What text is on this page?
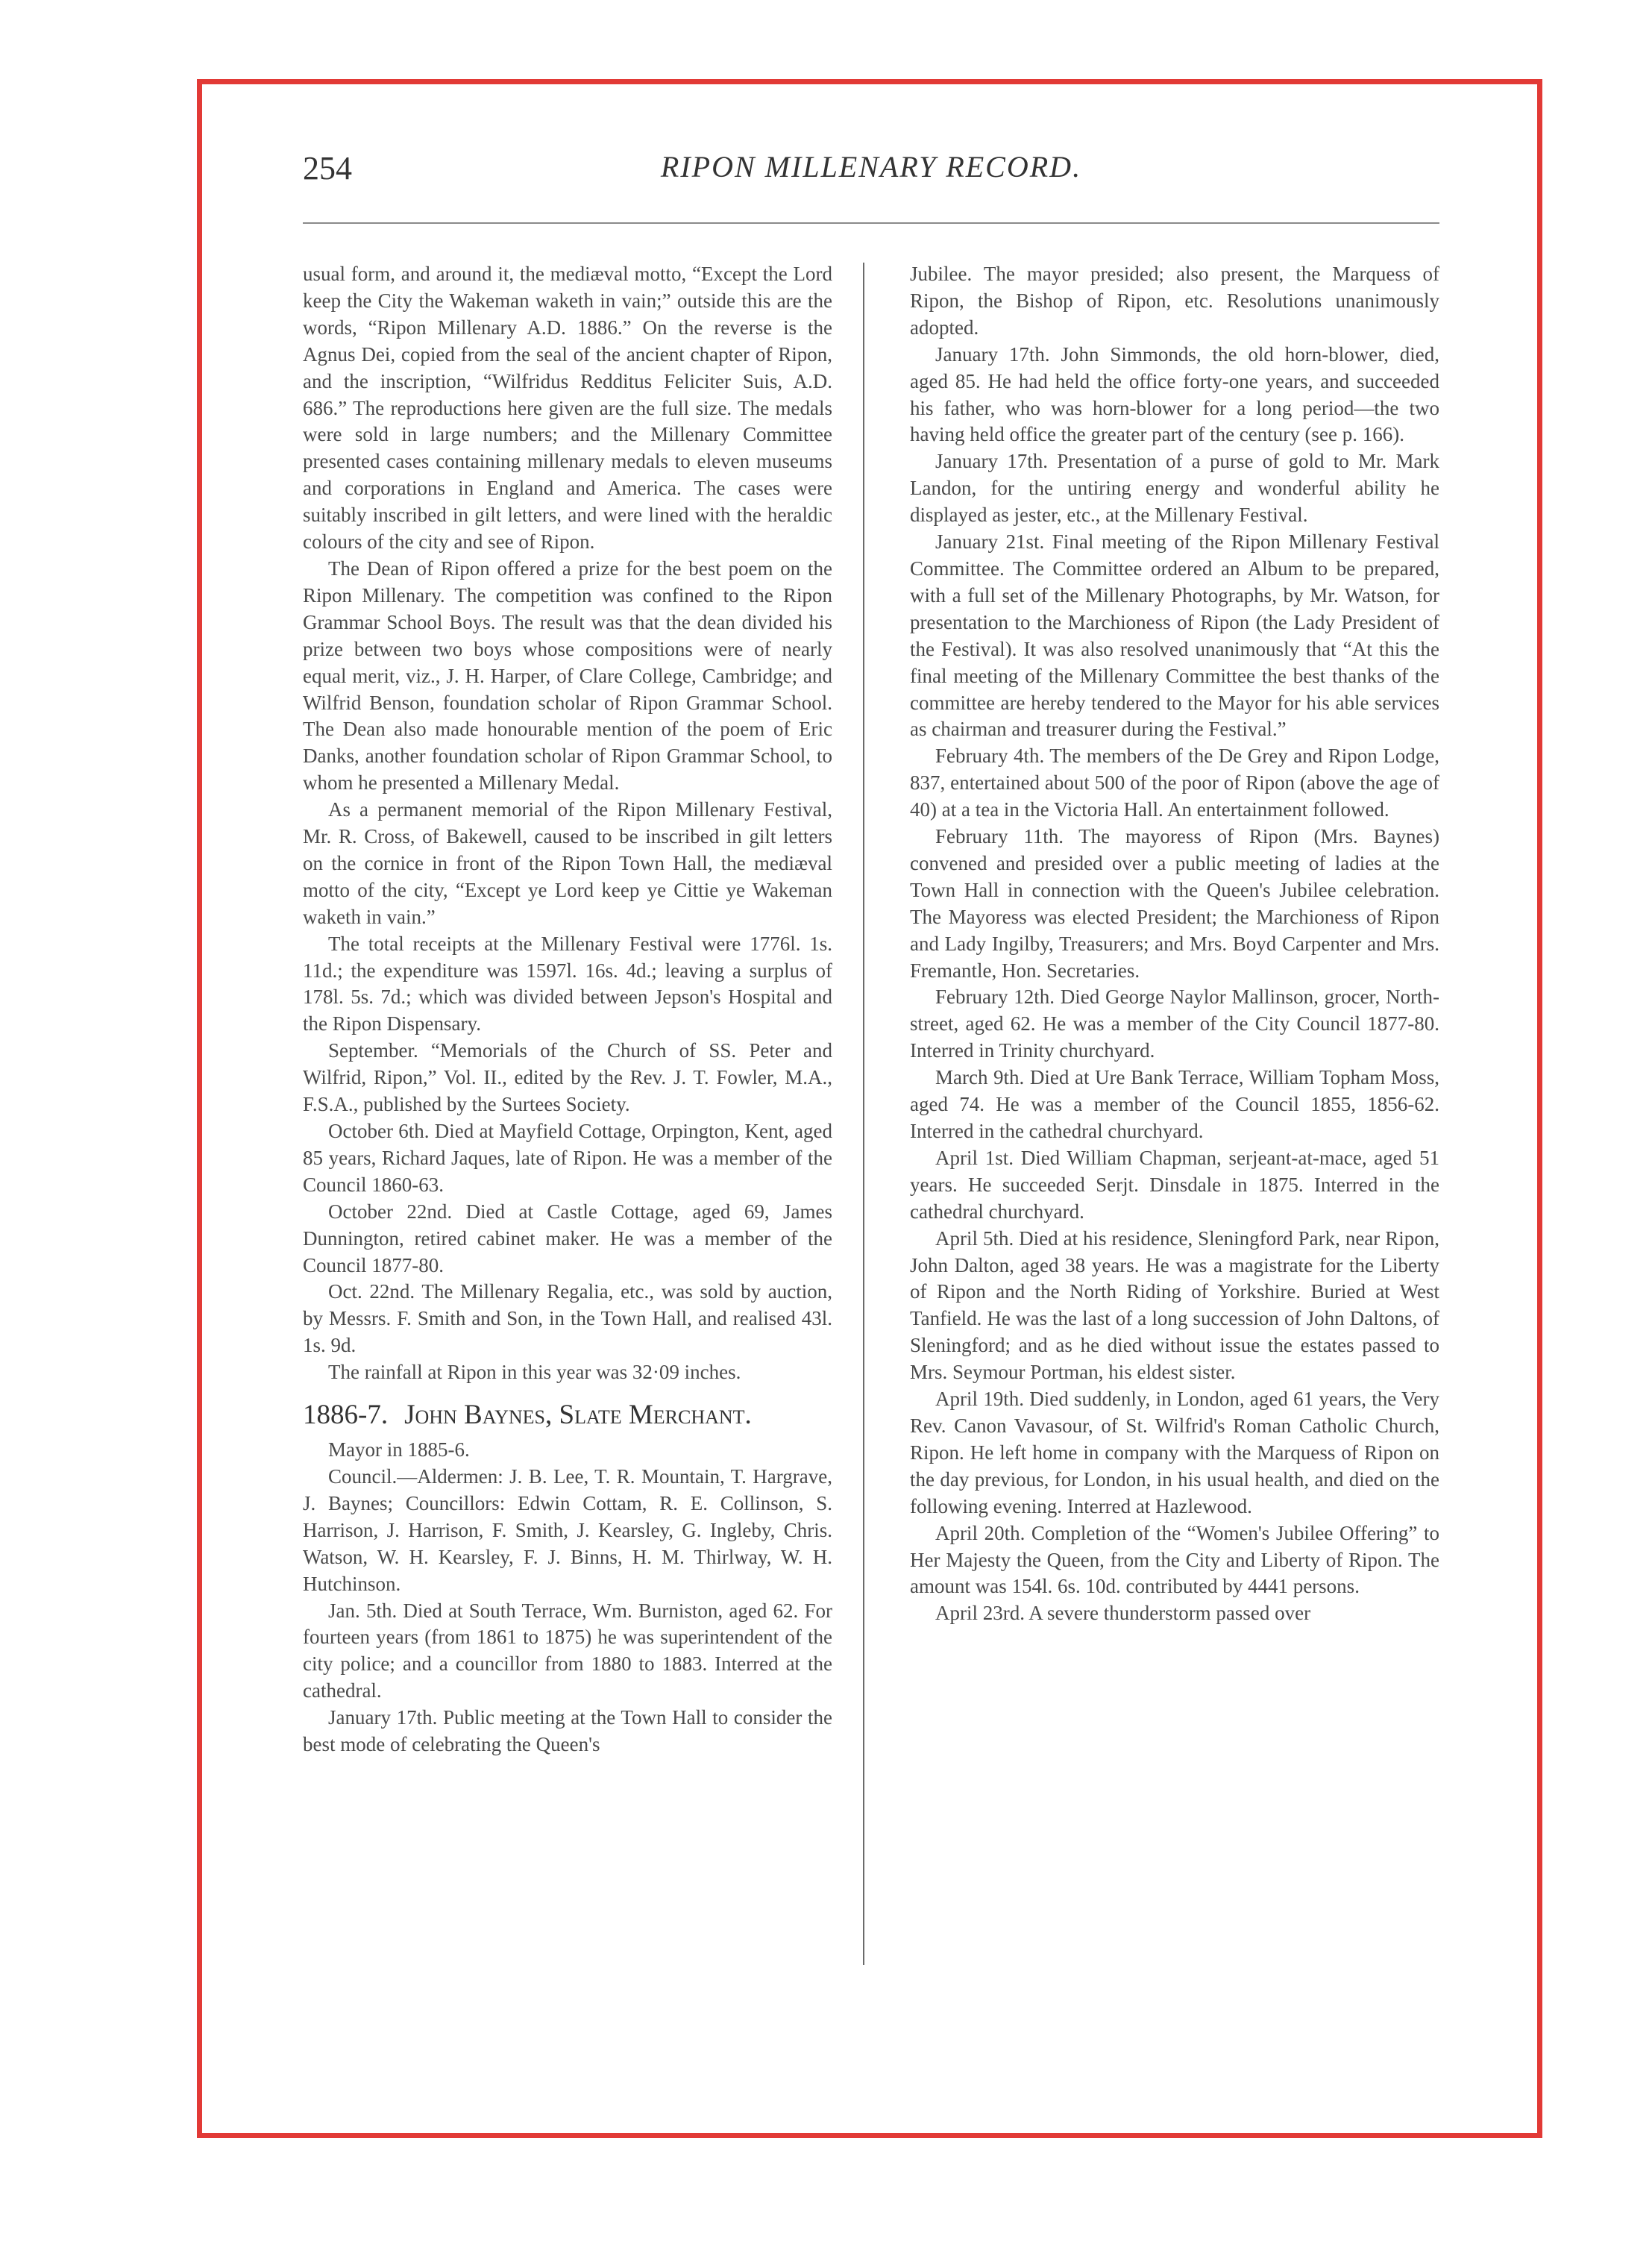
254	RIPON MILLENARY RECORD.

usual form, and around it, the mediæval motto, “Except the Lord keep the City the Wakeman waketh in vain;” outside this are the words, “Ripon Millenary A.D. 1886.” On the reverse is the Agnus Dei, copied from the seal of the ancient chapter of Ripon, and the inscription, “Wilfridus Redditus Feliciter Suis, A.D. 686.” The reproductions here given are the full size. The medals were sold in large numbers; and the Millenary Committee presented cases containing millenary medals to eleven museums and corporations in England and America. The cases were suitably inscribed in gilt letters, and were lined with the heraldic colours of the city and see of Ripon.

The Dean of Ripon offered a prize for the best poem on the Ripon Millenary. The competition was confined to the Ripon Grammar School Boys. The result was that the dean divided his prize between two boys whose compositions were of nearly equal merit, viz., J. H. Harper, of Clare College, Cambridge; and Wilfrid Benson, foundation scholar of Ripon Grammar School. The Dean also made honourable mention of the poem of Eric Danks, another foundation scholar of Ripon Grammar School, to whom he presented a Millenary Medal.

As a permanent memorial of the Ripon Millenary Festival, Mr. R. Cross, of Bakewell, caused to be inscribed in gilt letters on the cornice in front of the Ripon Town Hall, the mediæval motto of the city, “Except ye Lord keep ye Cittie ye Wakeman waketh in vain.”

The total receipts at the Millenary Festival were 1776l. 1s. 11d.; the expenditure was 1597l. 16s. 4d.; leaving a surplus of 178l. 5s. 7d.; which was divided between Jepson's Hospital and the Ripon Dispensary.

September. “Memorials of the Church of SS. Peter and Wilfrid, Ripon,” Vol. II., edited by the Rev. J. T. Fowler, M.A., F.S.A., published by the Surtees Society.

October 6th. Died at Mayfield Cottage, Orpington, Kent, aged 85 years, Richard Jaques, late of Ripon. He was a member of the Council 1860-63.

October 22nd. Died at Castle Cottage, aged 69, James Dunnington, retired cabinet maker. He was a member of the Council 1877-80.

Oct. 22nd. The Millenary Regalia, etc., was sold by auction, by Messrs. F. Smith and Son, in the Town Hall, and realised 43l. 1s. 9d.

The rainfall at Ripon in this year was 32·09 inches.

1886-7. John Baynes, Slate Merchant.

Mayor in 1885-6.

Council.—Aldermen: J. B. Lee, T. R. Mountain, T. Hargrave, J. Baynes; Councillors: Edwin Cottam, R. E. Collinson, S. Harrison, J. Harrison, F. Smith, J. Kearsley, G. Ingleby, Chris. Watson, W. H. Kearsley, F. J. Binns, H. M. Thirlway, W. H. Hutchinson.

Jan. 5th. Died at South Terrace, Wm. Burniston, aged 62. For fourteen years (from 1861 to 1875) he was superintendent of the city police; and a councillor from 1880 to 1883. Interred at the cathedral.

January 17th. Public meeting at the Town Hall to consider the best mode of celebrating the Queen's

Jubilee. The mayor presided; also present, the Marquess of Ripon, the Bishop of Ripon, etc. Resolutions unanimously adopted.

January 17th. John Simmonds, the old horn-blower, died, aged 85. He had held the office forty-one years, and succeeded his father, who was horn-blower for a long period—the two having held office the greater part of the century (see p. 166).

January 17th. Presentation of a purse of gold to Mr. Mark Landon, for the untiring energy and wonderful ability he displayed as jester, etc., at the Millenary Festival.

January 21st. Final meeting of the Ripon Millenary Festival Committee. The Committee ordered an Album to be prepared, with a full set of the Millenary Photographs, by Mr. Watson, for presentation to the Marchioness of Ripon (the Lady President of the Festival). It was also resolved unanimously that “At this the final meeting of the Millenary Committee the best thanks of the committee are hereby tendered to the Mayor for his able services as chairman and treasurer during the Festival.”

February 4th. The members of the De Grey and Ripon Lodge, 837, entertained about 500 of the poor of Ripon (above the age of 40) at a tea in the Victoria Hall. An entertainment followed.

February 11th. The mayoress of Ripon (Mrs. Baynes) convened and presided over a public meeting of ladies at the Town Hall in connection with the Queen's Jubilee celebration. The Mayoress was elected President; the Marchioness of Ripon and Lady Ingilby, Treasurers; and Mrs. Boyd Carpenter and Mrs. Fremantle, Hon. Secretaries.

February 12th. Died George Naylor Mallinson, grocer, North-street, aged 62. He was a member of the City Council 1877-80. Interred in Trinity churchyard.

March 9th. Died at Ure Bank Terrace, William Topham Moss, aged 74. He was a member of the Council 1855, 1856-62. Interred in the cathedral churchyard.

April 1st. Died William Chapman, serjeant-at-mace, aged 51 years. He succeeded Serjt. Dinsdale in 1875. Interred in the cathedral churchyard.

April 5th. Died at his residence, Sleningford Park, near Ripon, John Dalton, aged 38 years. He was a magistrate for the Liberty of Ripon and the North Riding of Yorkshire. Buried at West Tanfield. He was the last of a long succession of John Daltons, of Sleningford; and as he died without issue the estates passed to Mrs. Seymour Portman, his eldest sister.

April 19th. Died suddenly, in London, aged 61 years, the Very Rev. Canon Vavasour, of St. Wilfrid's Roman Catholic Church, Ripon. He left home in company with the Marquess of Ripon on the day previous, for London, in his usual health, and died on the following evening. Interred at Hazlewood.

April 20th. Completion of the “Women's Jubilee Offering” to Her Majesty the Queen, from the City and Liberty of Ripon. The amount was 154l. 6s. 10d. contributed by 4441 persons.

April 23rd. A severe thunderstorm passed over
